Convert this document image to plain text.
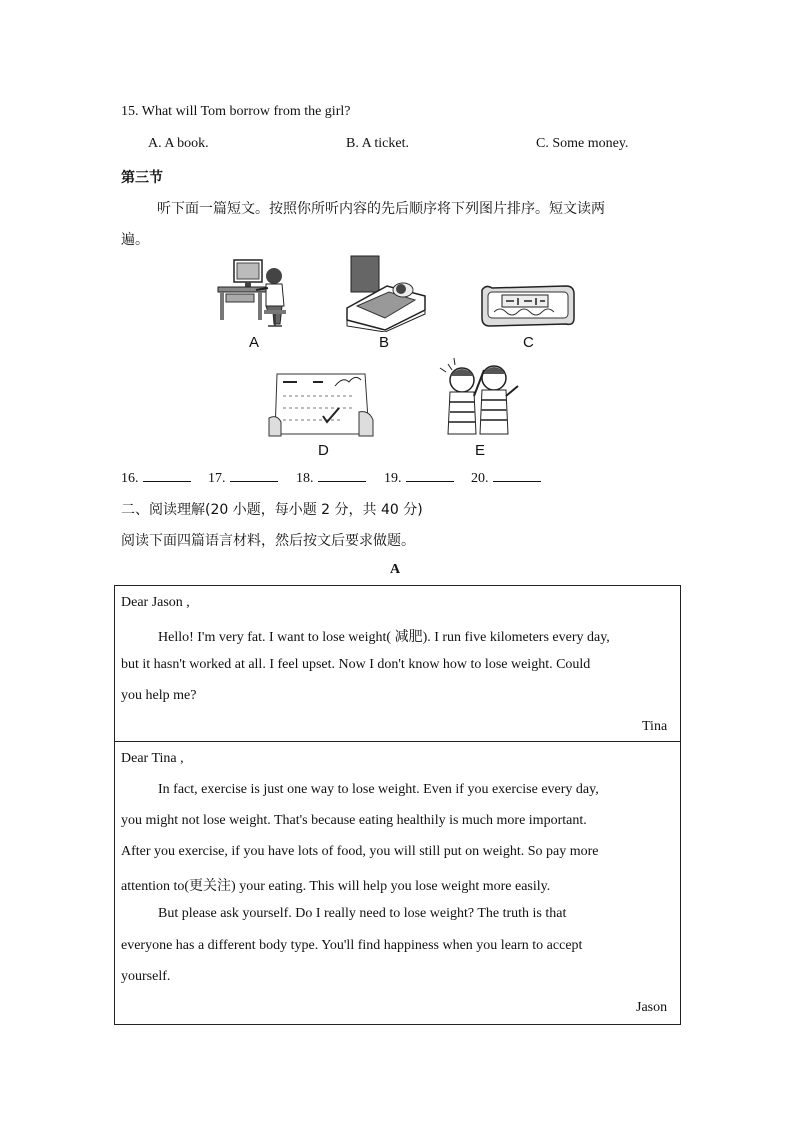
15. What will Tom borrow from the girl?
A. A book.	B. A ticket.	C. Some money.
第三节
听下面一篇短文。按照你所听内容的先后顺序将下列图片排序。短文读两
遍。
A	B	C
D	E
16.	17.	18.	19.	20.
二、阅读理解(20 小题，每小题 2 分，共 40 分)
阅读下面四篇语言材料，然后按文后要求做题。
A
Dear Jason ,
Hello! I'm very fat. I want to lose weight( 减肥). I run five kilometers every day,
but it hasn't worked at all. I feel upset. Now I don't know how to lose weight. Could
you help me?
Tina
Dear Tina ,
In fact, exercise is just one way to lose weight. Even if you exercise every day,
you might not lose weight. That's because eating healthily is much more important.
After you exercise, if you have lots of food, you will still put on weight. So pay more
attention to(更关注) your eating. This will help you lose weight more easily.
But please ask yourself. Do I really need to lose weight? The truth is that
everyone has a different body type. You'll find happiness when you learn to accept
yourself.
Jason
